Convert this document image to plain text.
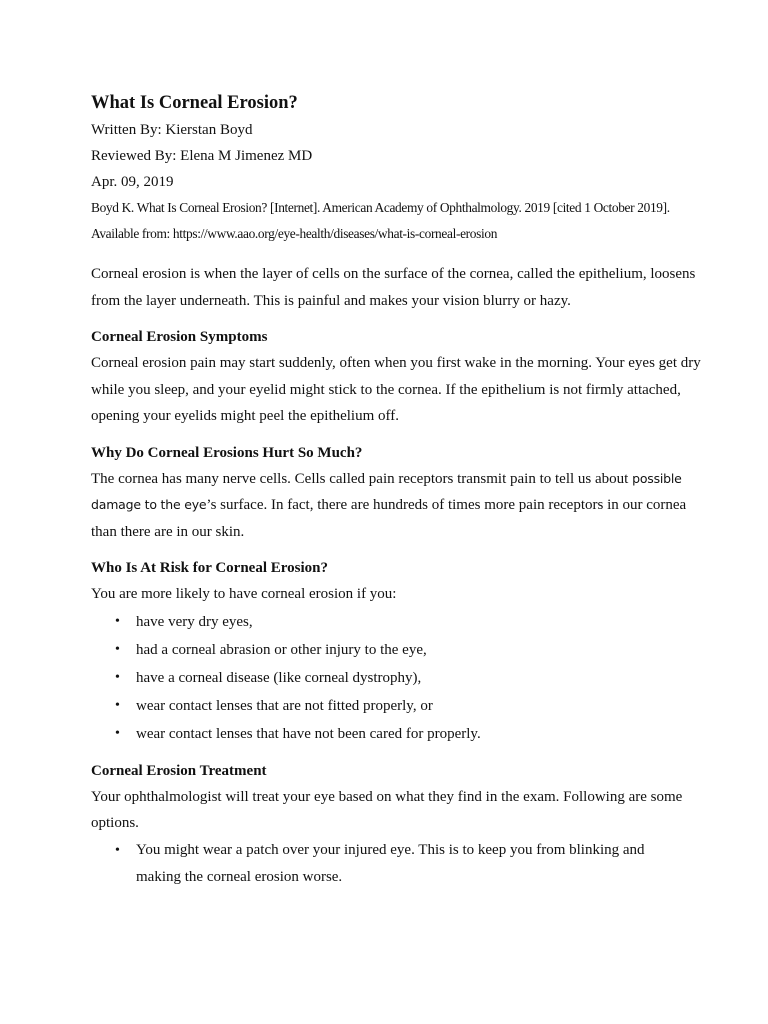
What Is Corneal Erosion?
Written By: Kierstan Boyd
Reviewed By: Elena M Jimenez MD
Apr. 09, 2019

Boyd K. What Is Corneal Erosion? [Internet]. American Academy of Ophthalmology. 2019 [cited 1 October 2019]. Available from: https://www.aao.org/eye-health/diseases/what-is-corneal-erosion

Corneal erosion is when the layer of cells on the surface of the cornea, called the epithelium, loosens from the layer underneath. This is painful and makes your vision blurry or hazy.

Corneal Erosion Symptoms

Corneal erosion pain may start suddenly, often when you first wake in the morning. Your eyes get dry while you sleep, and your eyelid might stick to the cornea. If the epithelium is not firmly attached, opening your eyelids might peel the epithelium off.

Why Do Corneal Erosions Hurt So Much?

The cornea has many nerve cells. Cells called pain receptors transmit pain to tell us about possible damage to the eye’s surface. In fact, there are hundreds of times more pain receptors in our cornea than there are in our skin.

Who Is At Risk for Corneal Erosion?

You are more likely to have corneal erosion if you:

• have very dry eyes,
• had a corneal abrasion or other injury to the eye,
• have a corneal disease (like corneal dystrophy),
• wear contact lenses that are not fitted properly, or
• wear contact lenses that have not been cared for properly.
Corneal Erosion Treatment

Your ophthalmologist will treat your eye based on what they find in the exam. Following are some options.

• You might wear a patch over your injured eye. This is to keep you from blinking and making the corneal erosion worse.
